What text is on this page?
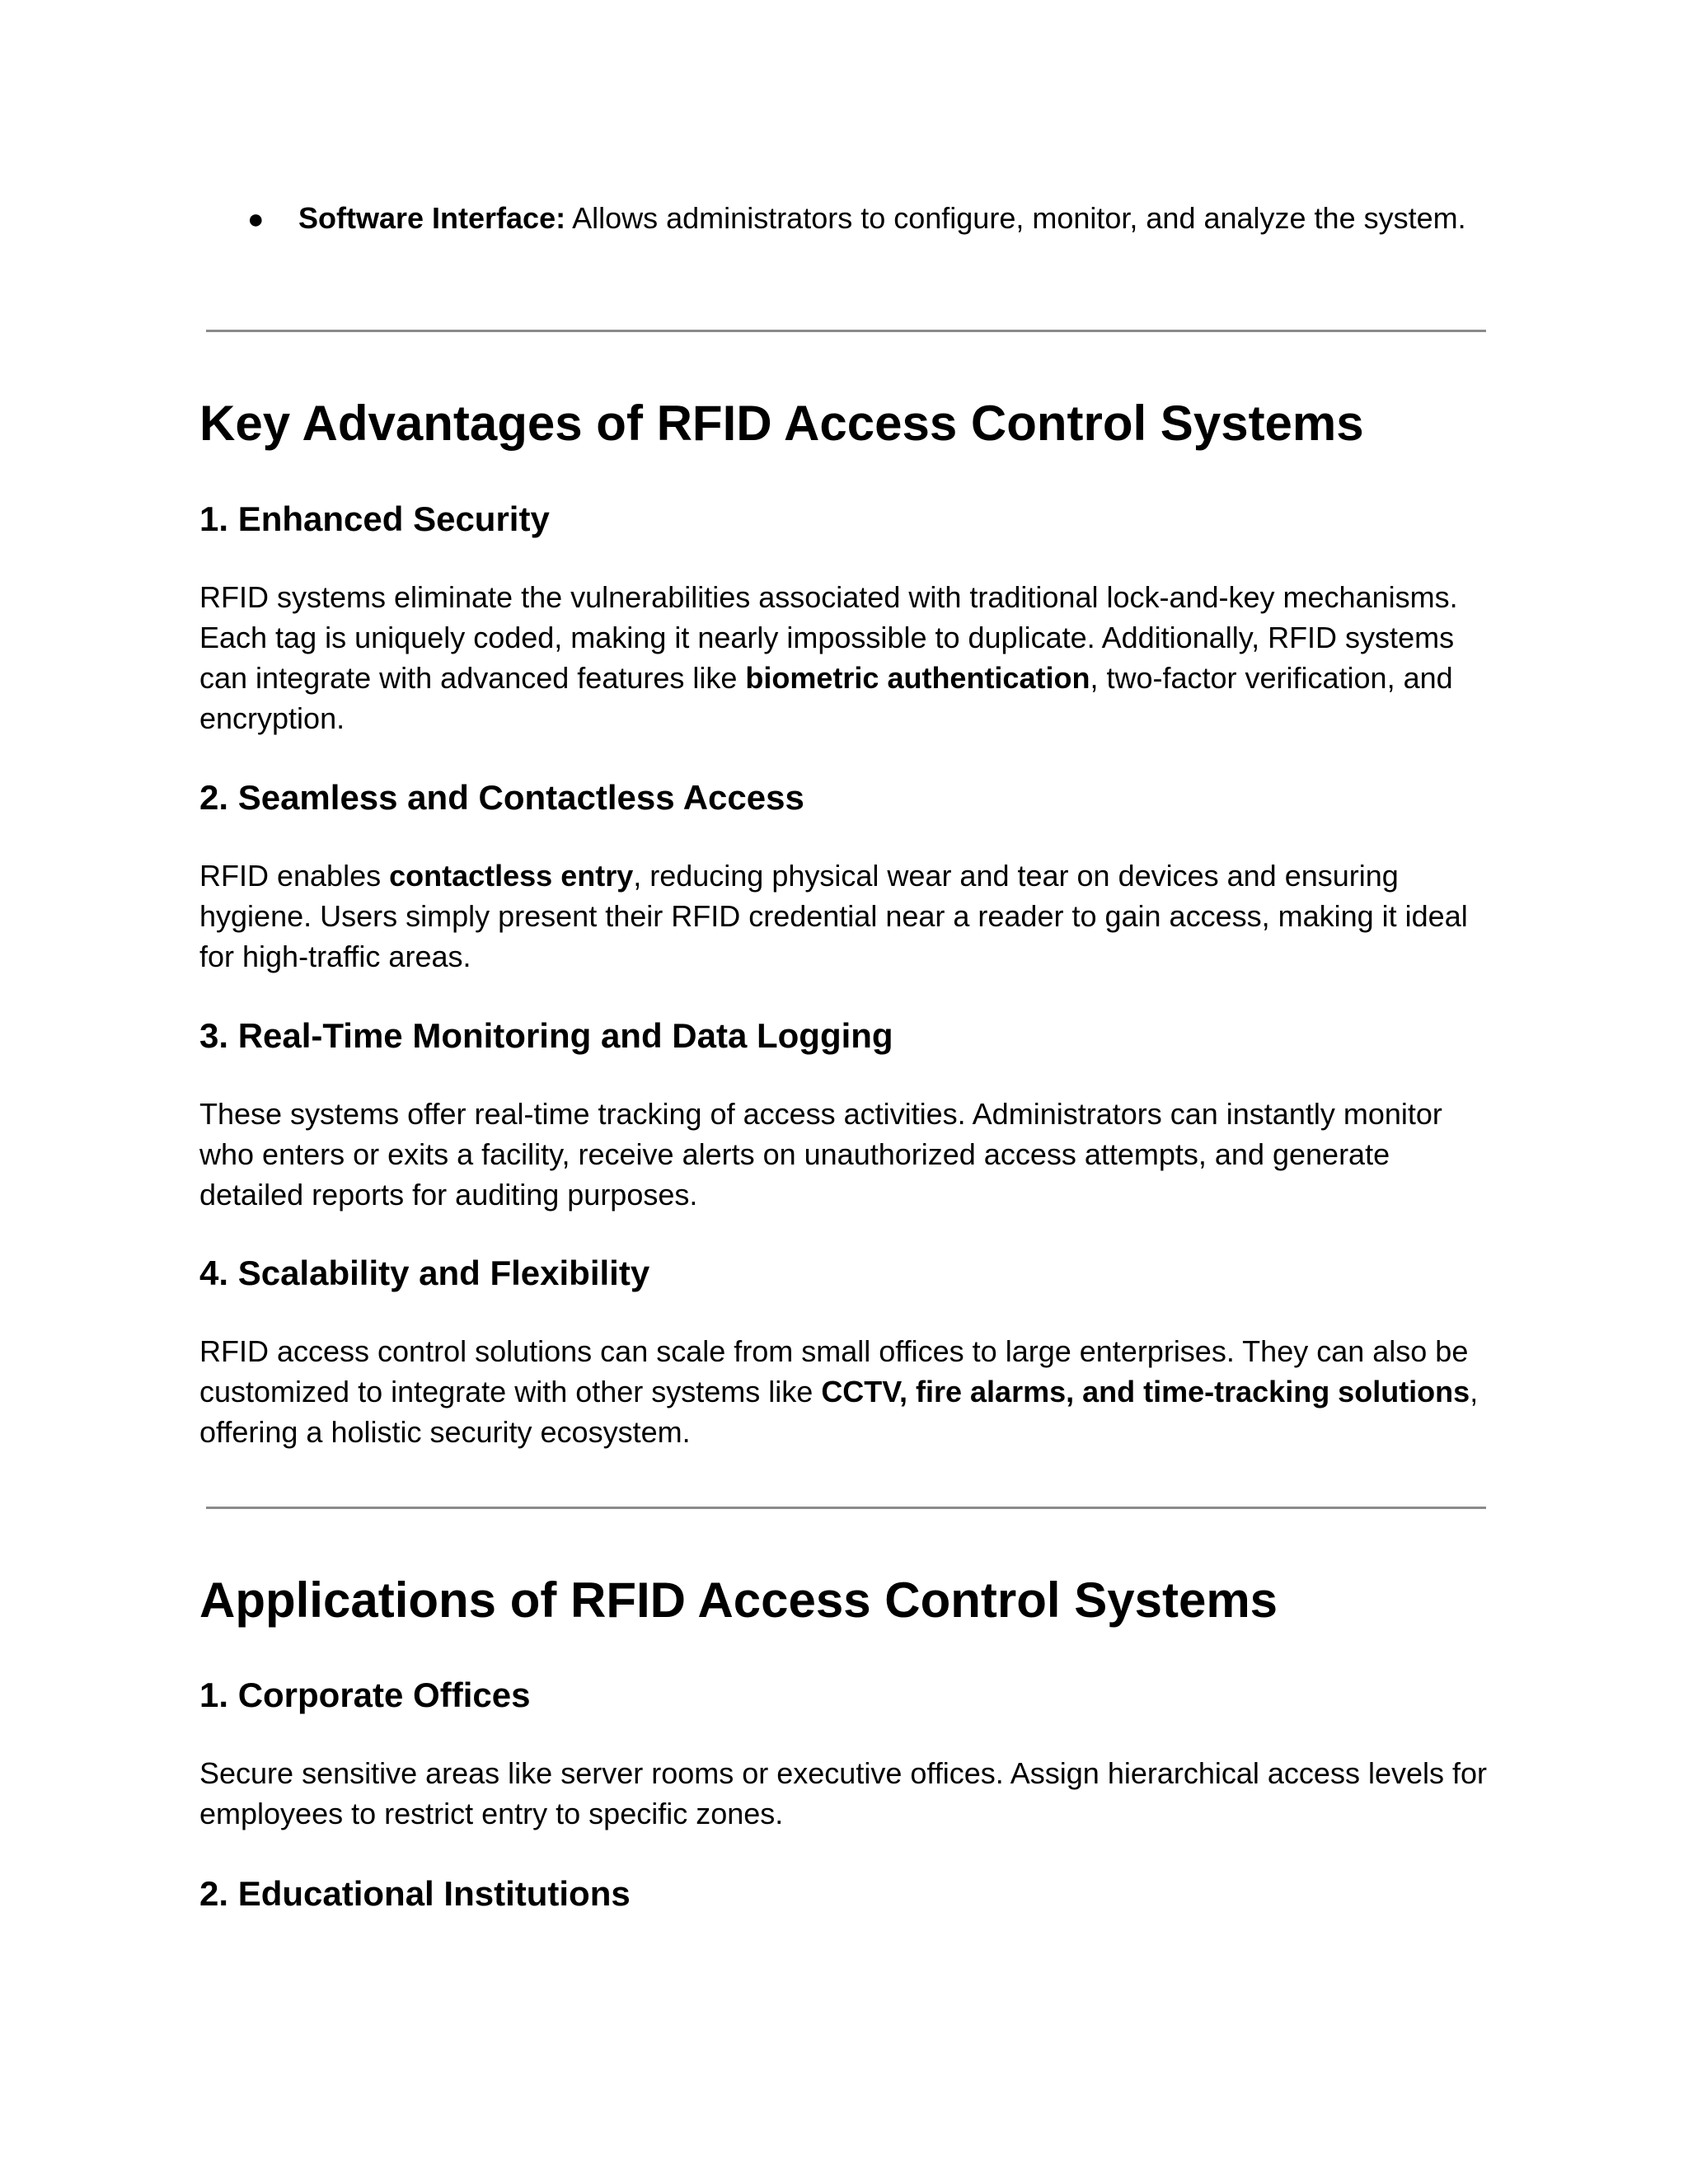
● Software Interface: Allows administrators to configure, monitor, and analyze the system.
Key Advantages of RFID Access Control Systems
1. Enhanced Security

RFID systems eliminate the vulnerabilities associated with traditional lock-and-key mechanisms. Each tag is uniquely coded, making it nearly impossible to duplicate. Additionally, RFID systems can integrate with advanced features like biometric authentication, two-factor verification, and encryption.

2. Seamless and Contactless Access

RFID enables contactless entry, reducing physical wear and tear on devices and ensuring hygiene. Users simply present their RFID credential near a reader to gain access, making it ideal for high-traffic areas.

3. Real-Time Monitoring and Data Logging

These systems offer real-time tracking of access activities. Administrators can instantly monitor who enters or exits a facility, receive alerts on unauthorized access attempts, and generate detailed reports for auditing purposes.

4. Scalability and Flexibility

RFID access control solutions can scale from small offices to large enterprises. They can also be customized to integrate with other systems like CCTV, fire alarms, and time-tracking solutions, offering a holistic security ecosystem.

Applications of RFID Access Control Systems
1. Corporate Offices

Secure sensitive areas like server rooms or executive offices. Assign hierarchical access levels for employees to restrict entry to specific zones.

2. Educational Institutions
